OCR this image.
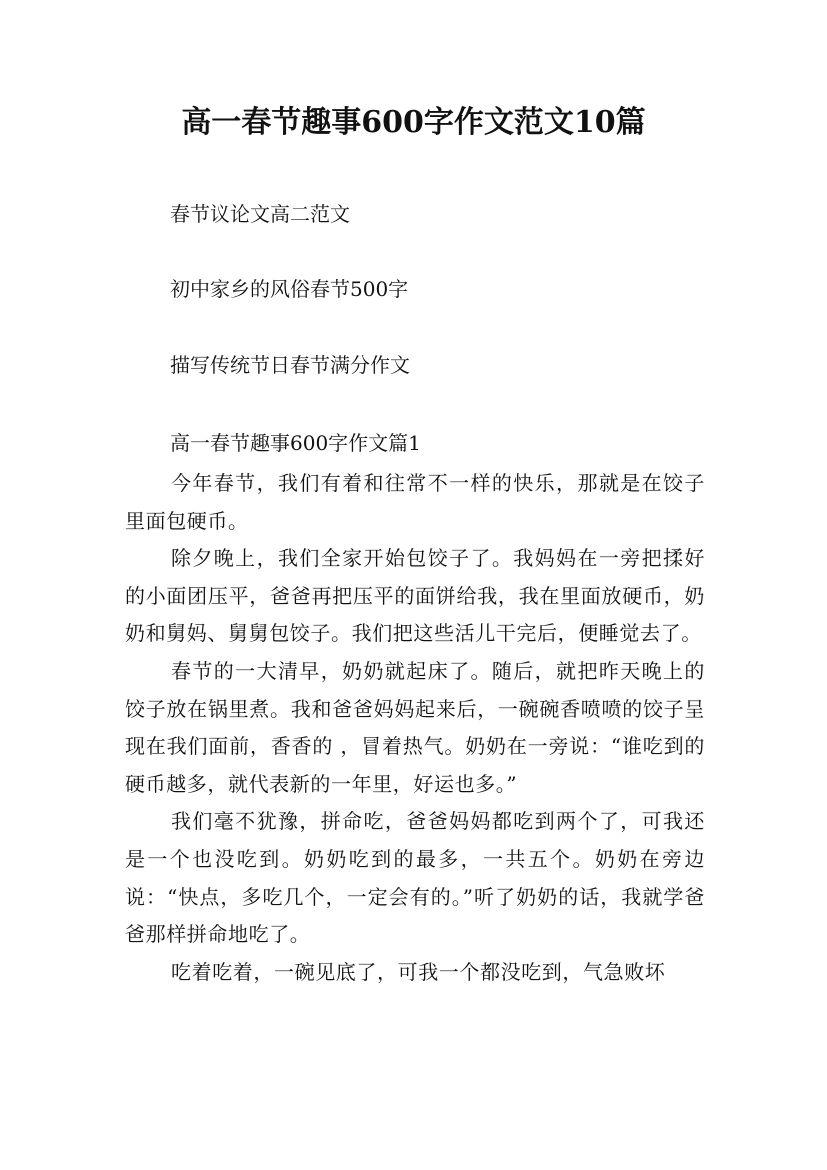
高一春节趣事600字作文范文10篇
春节议论文高二范文
初中家乡的风俗春节500字
描写传统节日春节满分作文
高一春节趣事600字作文篇1

今年春节，我们有着和往常不一样的快乐，那就是在饺子里面包硬币。

除夕晚上，我们全家开始包饺子了。我妈妈在一旁把揉好的小面团压平，爸爸再把压平的面饼给我，我在里面放硬币，奶奶和舅妈、舅舅包饺子。我们把这些活儿干完后，便睡觉去了。

春节的一大清早，奶奶就起床了。随后，就把昨天晚上的饺子放在锅里煮。我和爸爸妈妈起来后，一碗碗香喷喷的饺子呈现在我们面前，香香的 ，冒着热气。奶奶在一旁说：“谁吃到的硬币越多，就代表新的一年里，好运也多。”

我们毫不犹豫，拼命吃，爸爸妈妈都吃到两个了，可我还是一个也没吃到。奶奶吃到的最多，一共五个。奶奶在旁边说：“快点，多吃几个，一定会有的。”听了奶奶的话，我就学爸爸那样拼命地吃了。

吃着吃着，一碗见底了，可我一个都没吃到，气急败坏
